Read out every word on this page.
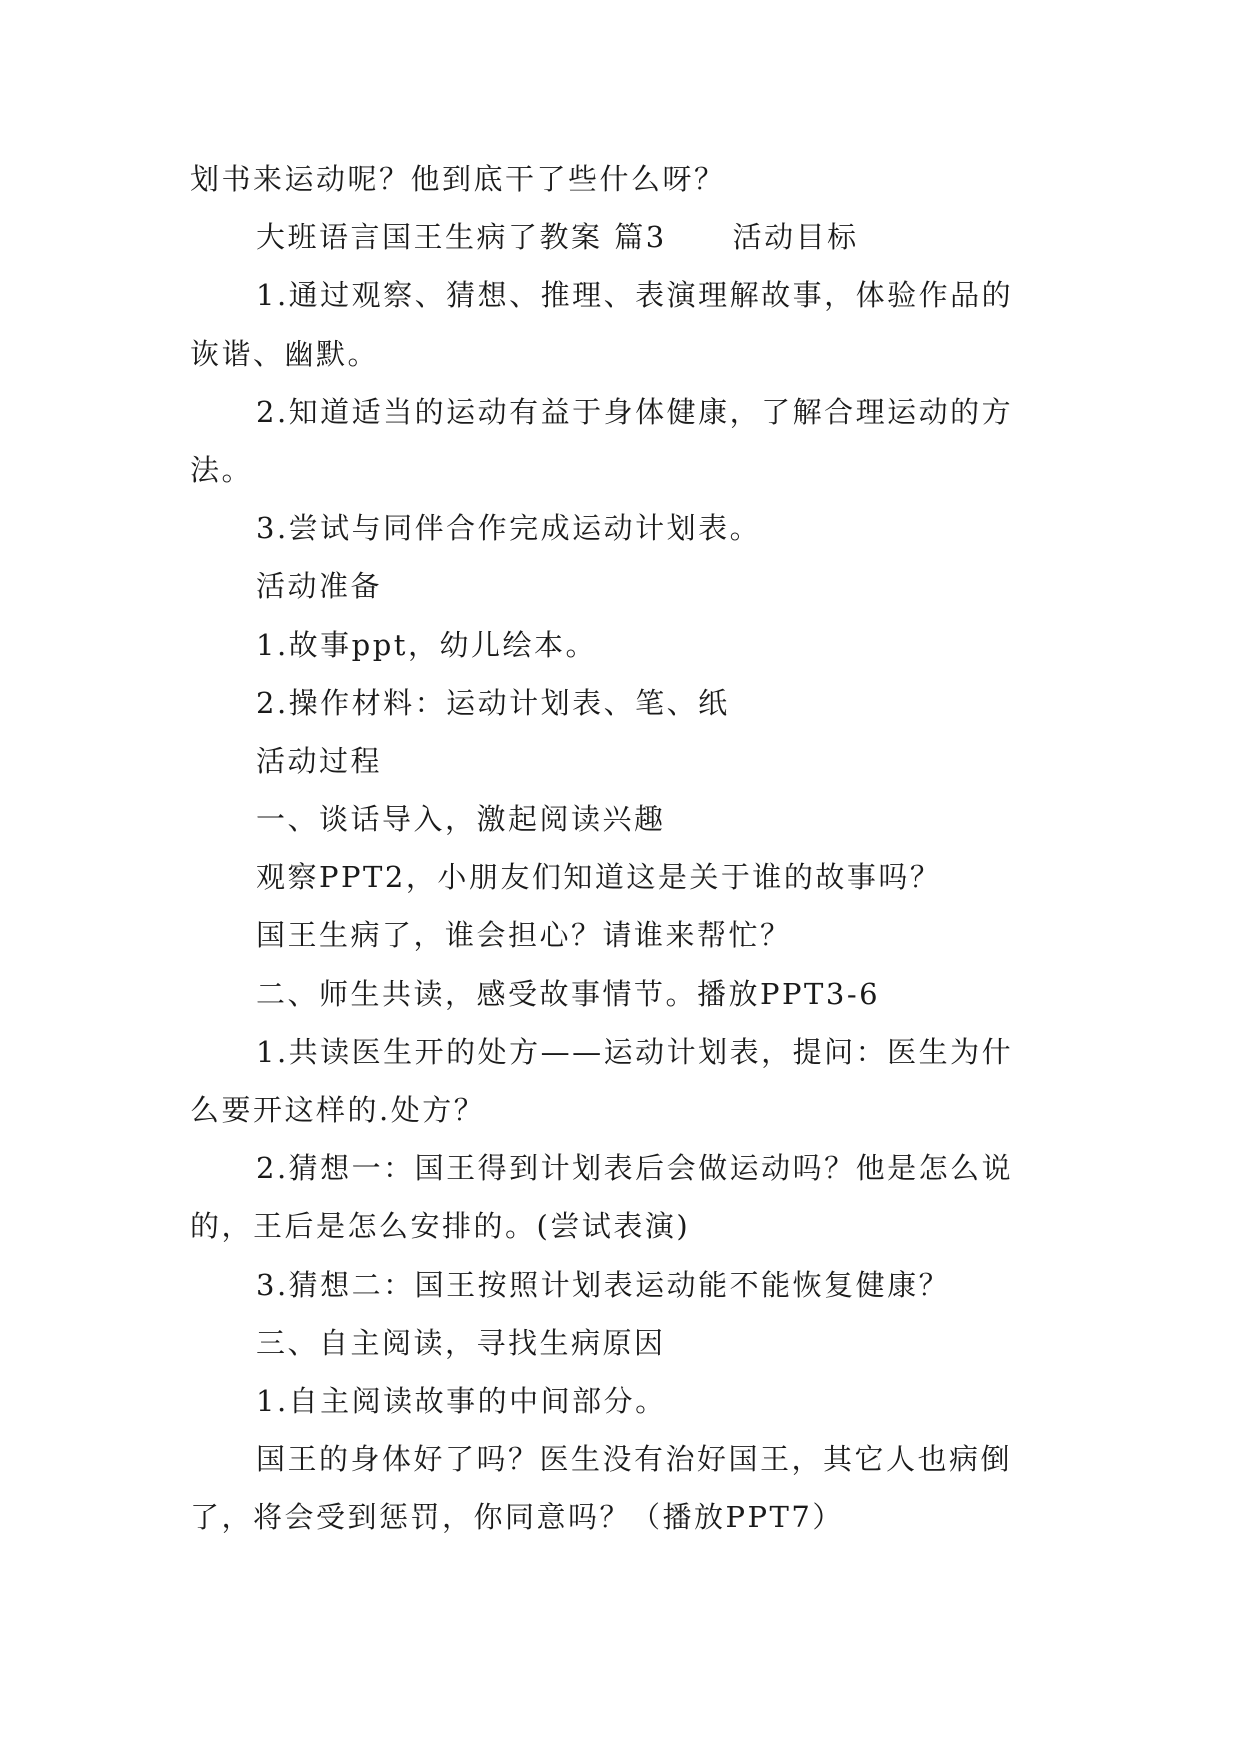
划书来运动呢？他到底干了些什么呀？
大班语言国王生病了教案 篇3 活动目标
1.通过观察、猜想、推理、表演理解故事，体验作品的
诙谐、幽默。
2.知道适当的运动有益于身体健康，了解合理运动的方
法。
3.尝试与同伴合作完成运动计划表。
活动准备
1.故事ppt，幼儿绘本。
2.操作材料：运动计划表、笔、纸
活动过程
一、谈话导入，激起阅读兴趣
观察PPT2，小朋友们知道这是关于谁的故事吗？
国王生病了，谁会担心？请谁来帮忙？
二、师生共读，感受故事情节。播放PPT3-6
1.共读医生开的处方——运动计划表，提问：医生为什
么要开这样的.处方？
2.猜想一：国王得到计划表后会做运动吗？他是怎么说
的，王后是怎么安排的。(尝试表演)
3.猜想二：国王按照计划表运动能不能恢复健康？
三、自主阅读，寻找生病原因
1.自主阅读故事的中间部分。
国王的身体好了吗？医生没有治好国王，其它人也病倒
了，将会受到惩罚，你同意吗？（播放PPT7）
